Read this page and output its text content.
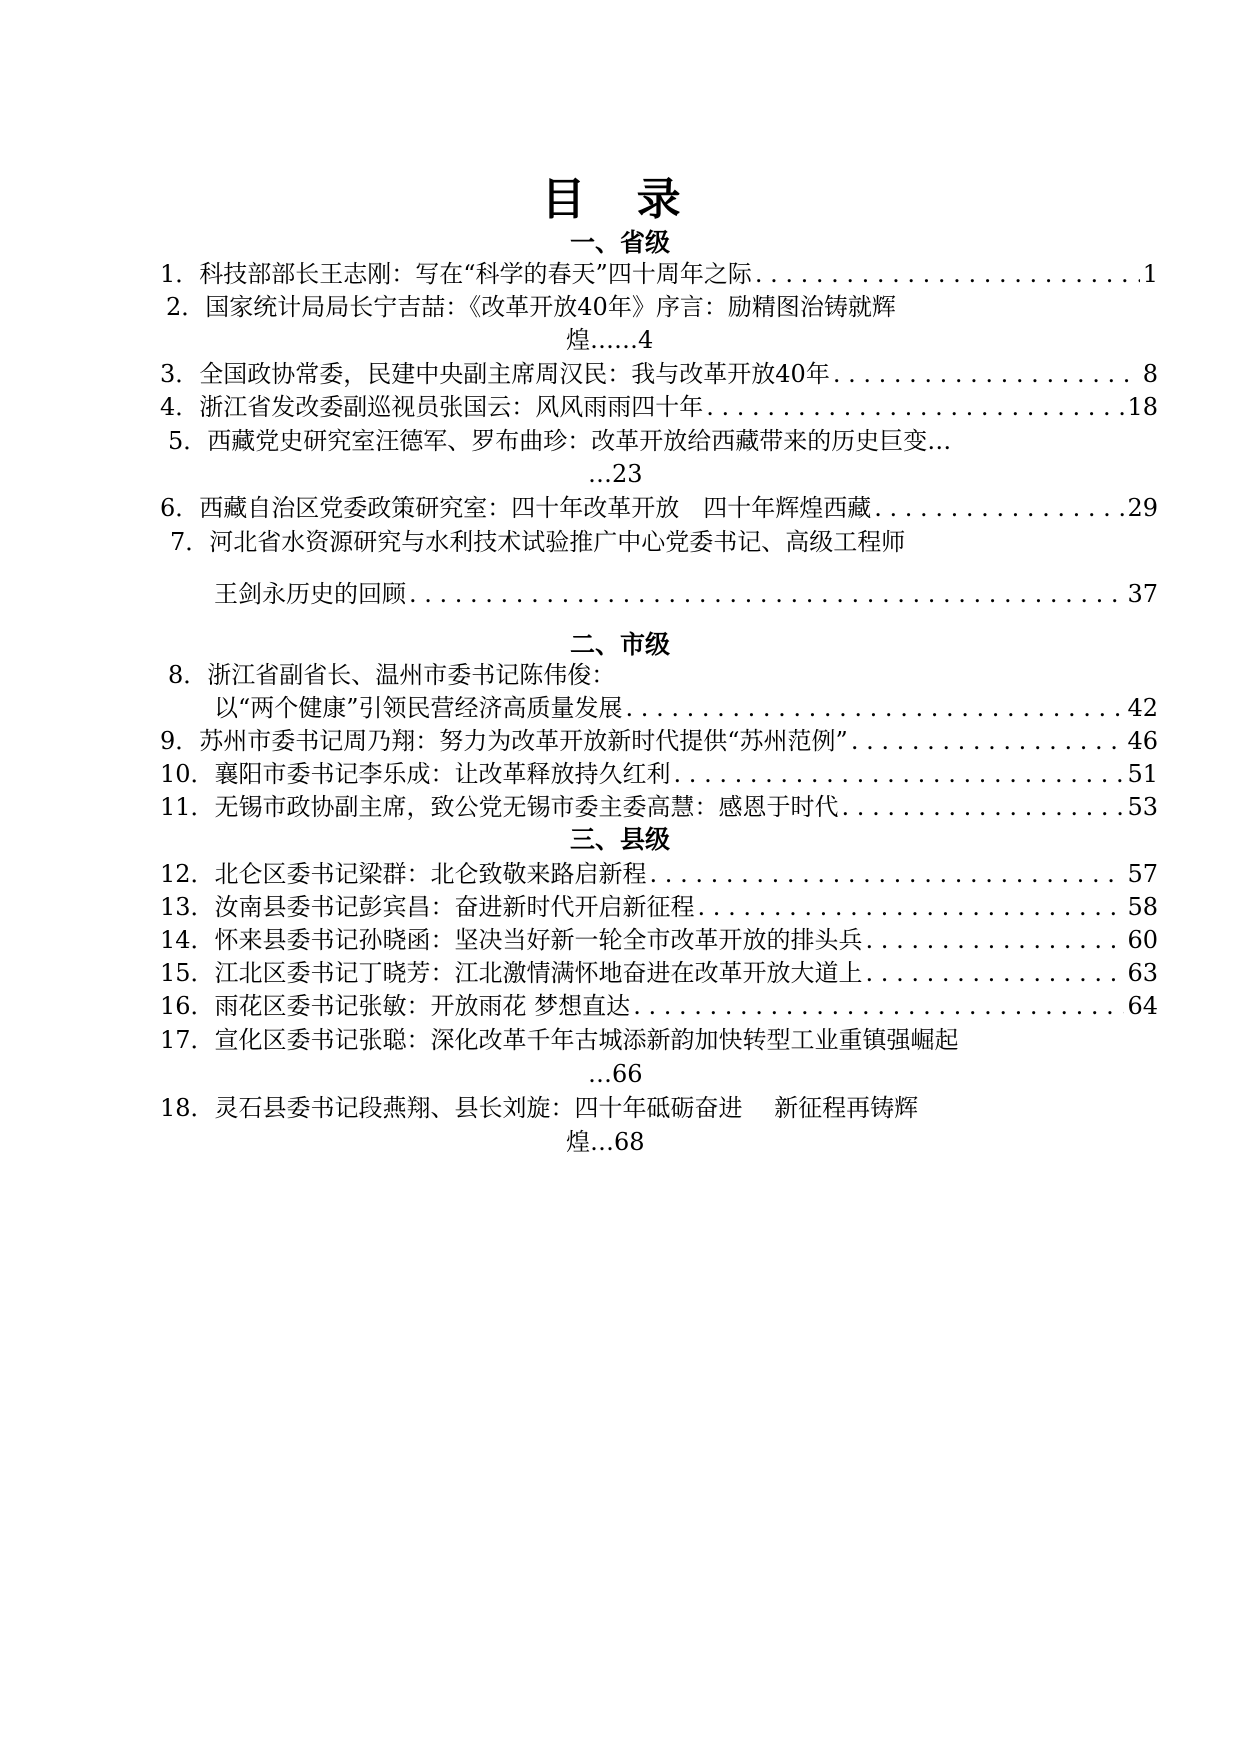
目 录
一、省级
1． 科技部部长王志刚：写在“科学的春天”四十周年之际 . . .	1
2． 国家统计局局长宁吉喆：《改革开放40年》序言：励精图治铸就辉
煌……4
3． 全国政协常委，民建中央副主席周汉民：我与改革开放40年 . . .	8
4． 浙江省发改委副巡视员张国云：风风雨雨四十年 . . .	18
5． 西藏党史研究室汪德军、罗布曲珍：改革开放给西藏带来的历史巨变…
…23
6． 西藏自治区党委政策研究室：四十年改革开放　四十年辉煌西藏 . . .	29
7． 河北省水资源研究与水利技术试验推广中心党委书记、高级工程师
王剑永历史的回顾 . . .	37
二、市级
8． 浙江省副省长、温州市委书记陈伟俊：
以“两个健康”引领民营经济高质量发展 . . .	42
9． 苏州市委书记周乃翔：努力为改革开放新时代提供“苏州范例” . . .	46
10． 襄阳市委书记李乐成：让改革释放持久红利 . . .	51
11． 无锡市政协副主席，致公党无锡市委主委高慧：感恩于时代 . . .	53
三、县级
12． 北仑区委书记梁群：北仑致敬来路启新程 . . .	57
13． 汝南县委书记彭宾昌：奋进新时代开启新征程 . . .	58
14． 怀来县委书记孙晓函：坚决当好新一轮全市改革开放的排头兵 . . .	60
15． 江北区委书记丁晓芳：江北激情满怀地奋进在改革开放大道上 . . .	63
16． 雨花区委书记张敏：开放雨花 梦想直达 . . .	64
17． 宣化区委书记张聪：深化改革千年古城添新韵加快转型工业重镇强崛起
…66
18． 灵石县委书记段燕翔、县长刘旋：四十年砥砺奋进　 新征程再铸辉
煌…68
